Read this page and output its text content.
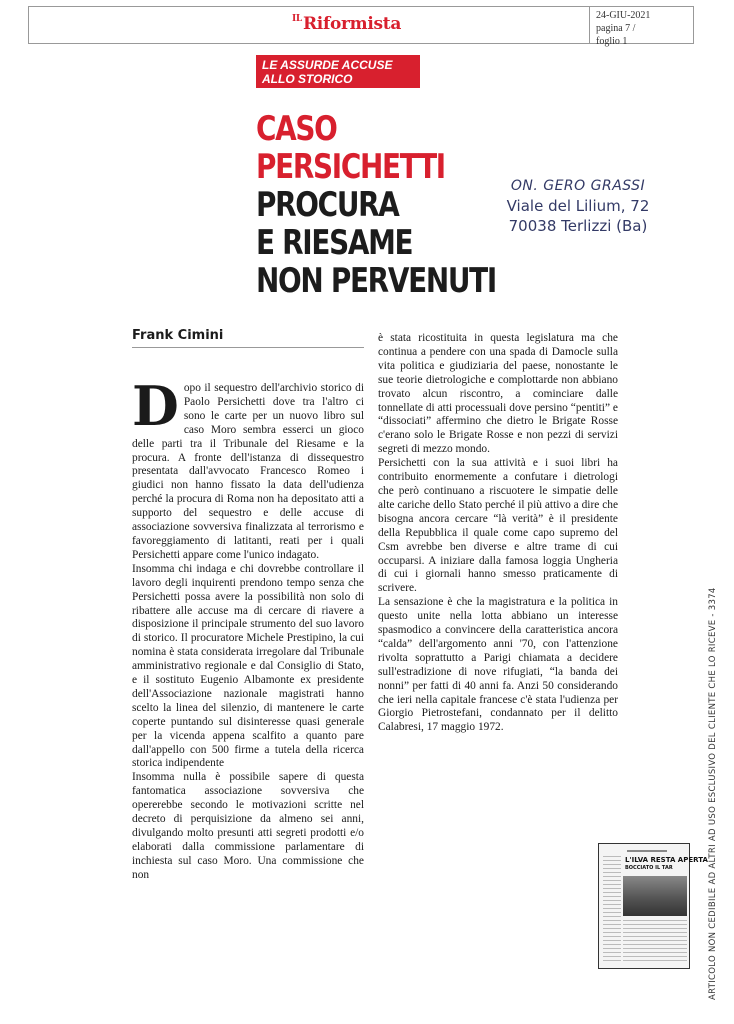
$^{IL}$Riformista	24-GIU-2021
pagina 7 /
foglio 1
LE ASSURDE ACCUSE
ALLO STORICO
CASO
PERSICHETTI
PROCURA
E RIESAME
NON PERVENUTI
ON. GERO GRASSI
Viale del Lilium, 72
70038 Terlizzi (Ba)
Frank Cimini

Dopo il sequestro dell'archivio storico di Paolo Persichetti dove tra l'altro ci sono le carte per un nuovo libro sul caso Moro sembra esserci un gioco delle parti tra il Tribunale del Riesame e la procura. A fronte dell'istanza di dissequestro presentata dall'avvocato Francesco Romeo i giudici non hanno fissato la data dell'udienza perché la procura di Roma non ha depositato atti a supporto del sequestro e delle accuse di associazione sovversiva finalizzata al terrorismo e favoreggiamento di latitanti, reati per i quali Persichetti appare come l'unico indagato.

Insomma chi indaga e chi dovrebbe controllare il lavoro degli inquirenti prendono tempo senza che Persichetti possa avere la possibilità non solo di ribattere alle accuse ma di cercare di riavere a disposizione il principale strumento del suo lavoro di storico. Il procuratore Michele Prestipino, la cui nomina è stata considerata irregolare dal Tribunale amministrativo regionale e dal Consiglio di Stato, e il sostituto Eugenio Albamonte ex presidente dell'Associazione nazionale magistrati hanno scelto la linea del silenzio, di mantenere le carte coperte puntando sul disinteresse quasi generale per la vicenda appena scalfito a quanto pare dall'appello con 500 firme a tutela della ricerca storica indipendente

Insomma nulla è possibile sapere di questa fantomatica associazione sovversiva che opererebbe secondo le motivazioni scritte nel decreto di perquisizione da almeno sei anni, divulgando molto presunti atti segreti prodotti e/o elaborati dalla commissione parlamentare di inchiesta sul caso Moro. Una commissione che non

è stata ricostituita in questa legislatura ma che continua a pendere con una spada di Damocle sulla vita politica e giudiziaria del paese, nonostante le sue teorie dietrologiche e complottarde non abbiano trovato alcun riscontro, a cominciare dalle tonnellate di atti processuali dove persino “pentiti” e “dissociati” affermino che dietro le Brigate Rosse c'erano solo le Brigate Rosse e non pezzi di servizi segreti di mezzo mondo.

Persichetti con la sua attività e i suoi libri ha contribuito enormemente a confutare i dietrologi che però continuano a riscuotere le simpatie delle alte cariche dello Stato perché il più attivo a dire che bisogna ancora cercare “là verità” è il presidente della Repubblica il quale come capo supremo del Csm avrebbe ben diverse e altre trame di cui occuparsi. A iniziare dalla famosa loggia Ungheria di cui i giornali hanno smesso praticamente di scrivere.

La sensazione è che la magistratura e la politica in questo unite nella lotta abbiano un interesse spasmodico a convincere della caratteristica ancora “calda” dell'argomento anni '70, con l'attenzione rivolta soprattutto a Parigi chiamata a decidere sull'estradizione di nove rifugiati, “la banda dei nonni” per fatti di 40 anni fa. Anzi 50 considerando che ieri nella capitale francese c'è stata l'udienza per Giorgio Pietrostefani, condannato per il delitto Calabresi, 17 maggio 1972.	ARTICOLO NON CEDIBILE AD ALTRI AD USO ESCLUSIVO DEL CLIENTE CHE LO RICEVE - 3374
L'ILVA RESTA APERTA
BOCCIATO IL TAR
